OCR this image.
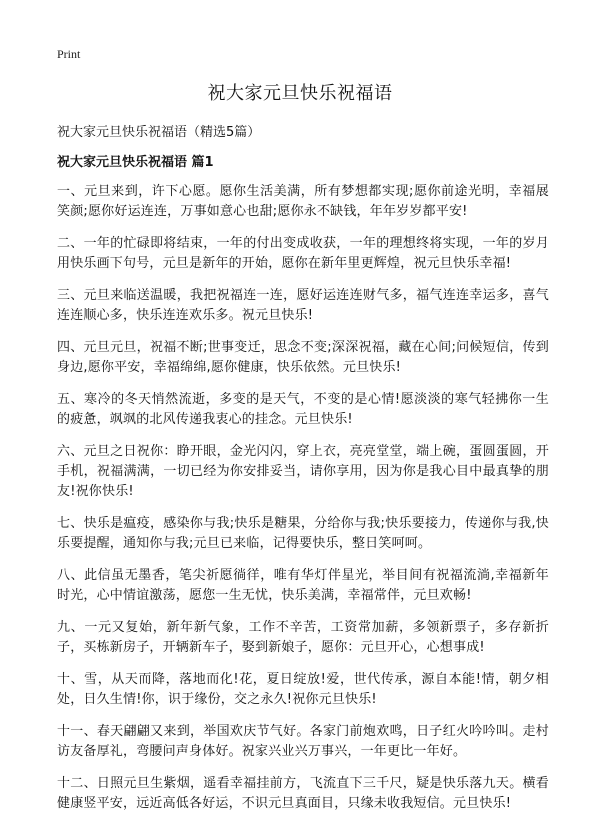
Print
祝大家元旦快乐祝福语

祝大家元旦快乐祝福语（精选5篇）

祝大家元旦快乐祝福语 篇1

一、元旦来到，许下心愿。愿你生活美满，所有梦想都实现;愿你前途光明，幸福展笑颜;愿你好运连连，万事如意心也甜;愿你永不缺钱，年年岁岁都平安!

二、一年的忙碌即将结束，一年的付出变成收获，一年的理想终将实现，一年的岁月用快乐画下句号，元旦是新年的开始，愿你在新年里更辉煌，祝元旦快乐幸福!

三、元旦来临送温暖，我把祝福连一连，愿好运连连财气多，福气连连幸运多，喜气连连顺心多，快乐连连欢乐多。祝元旦快乐!

四、元旦元旦，祝福不断;世事变迁，思念不变;深深祝福，藏在心间;问候短信，传到身边,愿你平安，幸福绵绵,愿你健康，快乐依然。元旦快乐!

五、寒冷的冬天悄然流逝，多变的是天气，不变的是心情!愿淡淡的寒气轻拂你一生的疲惫，飒飒的北风传递我衷心的挂念。元旦快乐!

六、元旦之日祝你：睁开眼，金光闪闪，穿上衣，亮亮堂堂，端上碗，蛋圆蛋圆，开手机，祝福满满，一切已经为你安排妥当，请你享用，因为你是我心目中最真挚的朋友!祝你快乐!

七、快乐是瘟疫，感染你与我;快乐是糖果，分给你与我;快乐要接力，传递你与我,快乐要提醒，通知你与我;元旦已来临，记得要快乐，整日笑呵呵。

八、此信虽无墨香，笔尖祈愿徜徉，唯有华灯伴星光，举目间有祝福流淌,幸福新年时光，心中情谊激荡，愿您一生无忧，快乐美满，幸福常伴，元旦欢畅!

九、一元又复始，新年新气象，工作不辛苦，工资常加薪，多领新票子，多存新折子，买栋新房子，开辆新车子，娶到新娘子，愿你：元旦开心，心想事成!

十、雪，从天而降，落地而化!花，夏日绽放!爱，世代传承，源自本能!情，朝夕相处，日久生情!你，识于缘份，交之永久!祝你元旦快乐!

十一、春天翩翩又来到，举国欢庆节气好。各家门前炮欢鸣，日子红火吟吟叫。走村访友备厚礼，弯腰问声身体好。祝家兴业兴万事兴，一年更比一年好。

十二、日照元旦生紫烟，遥看幸福挂前方，飞流直下三千尺，疑是快乐落九天。横看健康竖平安，远近高低各好运，不识元旦真面目，只缘未收我短信。元旦快乐!
